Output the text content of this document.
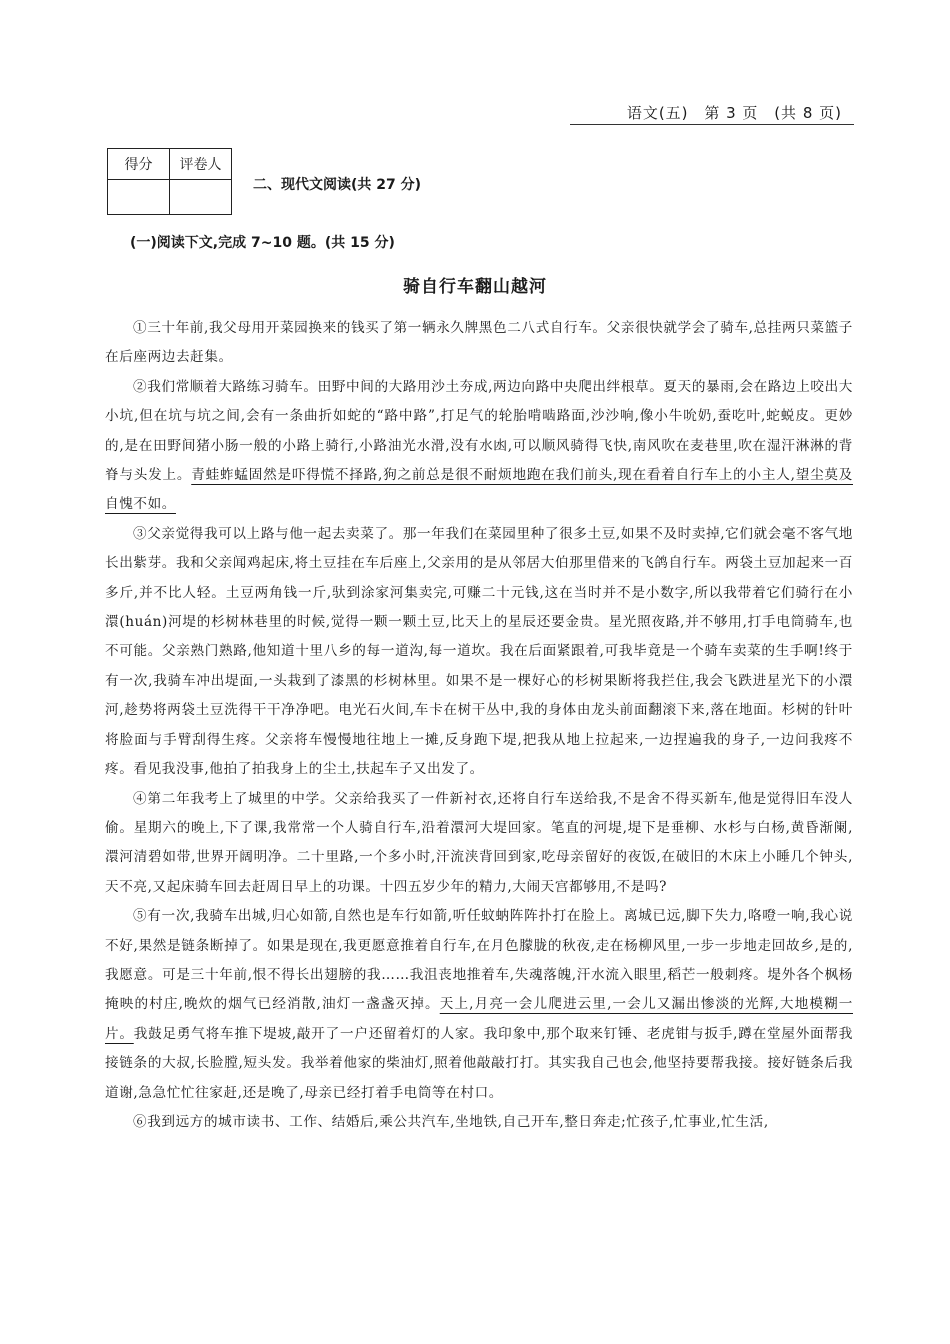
语文(五) 第 3 页 (共 8 页)
得分	评卷人

二、现代文阅读(共 27 分)
(一)阅读下文,完成 7~10 题。(共 15 分)
骑自行车翻山越河

①三十年前,我父母用开菜园换来的钱买了第一辆永久牌黑色二八式自行车。父亲很快就学会了骑车,总挂两只菜篮子在后座两边去赶集。

②我们常顺着大路练习骑车。田野中间的大路用沙土夯成,两边向路中央爬出绊根草。夏天的暴雨,会在路边上咬出大小坑,但在坑与坑之间,会有一条曲折如蛇的“路中路”,打足气的轮胎啃啮路面,沙沙响,像小牛吮奶,蚕吃叶,蛇蜕皮。更妙的,是在田野间猪小肠一般的小路上骑行,小路油光水滑,没有水凼,可以顺风骑得飞快,南风吹在麦巷里,吹在湿汗淋淋的背脊与头发上。青蛙蚱蜢固然是吓得慌不择路,狗之前总是很不耐烦地跑在我们前头,现在看着自行车上的小主人,望尘莫及自愧不如。

③父亲觉得我可以上路与他一起去卖菜了。那一年我们在菜园里种了很多土豆,如果不及时卖掉,它们就会毫不客气地长出紫芽。我和父亲闻鸡起床,将土豆挂在车后座上,父亲用的是从邻居大伯那里借来的飞鸽自行车。两袋土豆加起来一百多斤,并不比人轻。土豆两角钱一斤,驮到涂家河集卖完,可赚二十元钱,这在当时并不是小数字,所以我带着它们骑行在小澴(huán)河堤的杉树林巷里的时候,觉得一颗一颗土豆,比天上的星辰还要金贵。星光照夜路,并不够用,打手电筒骑车,也不可能。父亲熟门熟路,他知道十里八乡的每一道沟,每一道坎。我在后面紧跟着,可我毕竟是一个骑车卖菜的生手啊!终于有一次,我骑车冲出堤面,一头栽到了漆黑的杉树林里。如果不是一棵好心的杉树果断将我拦住,我会飞跌进星光下的小澴河,趁势将两袋土豆洗得干干净净吧。电光石火间,车卡在树干丛中,我的身体由龙头前面翻滚下来,落在地面。杉树的针叶将脸面与手臂刮得生疼。父亲将车慢慢地往地上一摊,反身跑下堤,把我从地上拉起来,一边捏遍我的身子,一边问我疼不疼。看见我没事,他拍了拍我身上的尘土,扶起车子又出发了。

④第二年我考上了城里的中学。父亲给我买了一件新衬衣,还将自行车送给我,不是舍不得买新车,他是觉得旧车没人偷。星期六的晚上,下了课,我常常一个人骑自行车,沿着澴河大堤回家。笔直的河堤,堤下是垂柳、水杉与白杨,黄昏渐阑,澴河清碧如带,世界开阔明净。二十里路,一个多小时,汗流浃背回到家,吃母亲留好的夜饭,在破旧的木床上小睡几个钟头,天不亮,又起床骑车回去赶周日早上的功课。十四五岁少年的精力,大闹天宫都够用,不是吗?

⑤有一次,我骑车出城,归心如箭,自然也是车行如箭,听任蚊蚋阵阵扑打在脸上。离城已远,脚下失力,咯噔一响,我心说不好,果然是链条断掉了。如果是现在,我更愿意推着自行车,在月色朦胧的秋夜,走在杨柳风里,一步一步地走回故乡,是的,我愿意。可是三十年前,恨不得长出翅膀的我……我沮丧地推着车,失魂落魄,汗水流入眼里,稻芒一般刺疼。堤外各个枫杨掩映的村庄,晚炊的烟气已经消散,油灯一盏盏灭掉。天上,月亮一会儿爬进云里,一会儿又漏出惨淡的光辉,大地模糊一片。我鼓足勇气将车推下堤坡,敲开了一户还留着灯的人家。我印象中,那个取来钉锤、老虎钳与扳手,蹲在堂屋外面帮我接链条的大叔,长脸膛,短头发。我举着他家的柴油灯,照着他敲敲打打。其实我自己也会,他坚持要帮我接。接好链条后我道谢,急急忙忙往家赶,还是晚了,母亲已经打着手电筒等在村口。

⑥我到远方的城市读书、工作、结婚后,乘公共汽车,坐地铁,自己开车,整日奔走;忙孩子,忙事业,忙生活,
